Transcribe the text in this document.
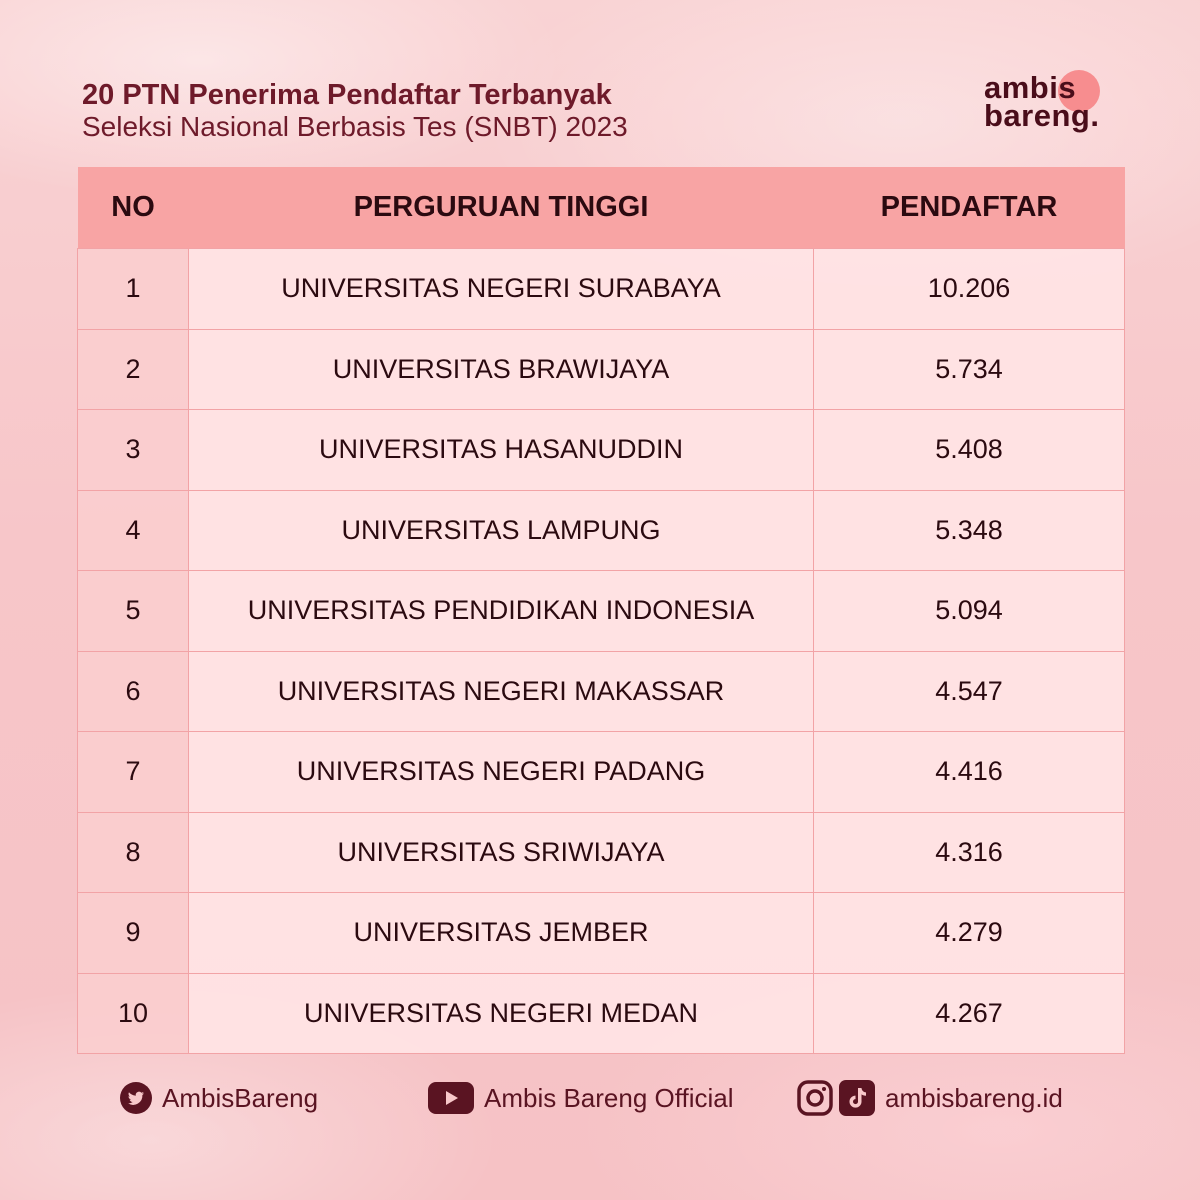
20 PTN Penerima Pendaftar Terbanyak
Seleksi Nasional Berbasis Tes (SNBT) 2023
ambis
bareng.
NO	PERGURUAN TINGGI	PENDAFTAR
1	UNIVERSITAS NEGERI SURABAYA	10.206
2	UNIVERSITAS BRAWIJAYA	5.734
3	UNIVERSITAS HASANUDDIN	5.408
4	UNIVERSITAS LAMPUNG	5.348
5	UNIVERSITAS PENDIDIKAN INDONESIA	5.094
6	UNIVERSITAS NEGERI MAKASSAR	4.547
7	UNIVERSITAS NEGERI PADANG	4.416
8	UNIVERSITAS SRIWIJAYA	4.316
9	UNIVERSITAS JEMBER	4.279
10	UNIVERSITAS NEGERI MEDAN	4.267
AmbisBareng	Ambis Bareng Official	ambisbareng.id
